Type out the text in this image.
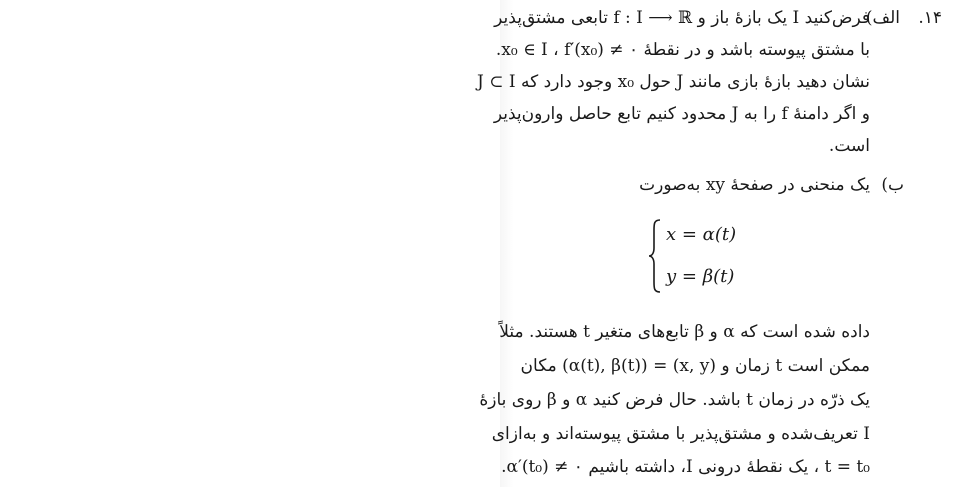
۱۴.
الف)
فرض‌کنید I یک بازهٔ باز و f : I ⟶ ℝ تابعی مشتق‌پذیر
با مشتق پیوسته باشد و در نقطهٔ x₀ ∈ I ، f′(x₀) ≠ ۰.
نشان دهید بازهٔ بازی مانند J حول x₀ وجود دارد که J ⊂ I
و اگر دامنهٔ f را به J محدود کنیم تابع حاصل وارون‌پذیر
است.
ب)
یک منحنی در صفحهٔ xy به‌صورت
x = α(t)
y = β(t)
داده شده است که α و β تابع‌های متغیر t هستند. مثلاً
ممکن است t زمان و (x, y) = (α(t), β(t)) مکان
یک ذرّه در زمان t باشد. حال فرض کنید α و β روی بازهٔ
I تعریف‌شده و مشتق‌پذیر با مشتق پیوسته‌اند و به‌ازای
t = t₀ ، یک نقطهٔ درونی I، داشته باشیم α′(t₀) ≠ ۰.
